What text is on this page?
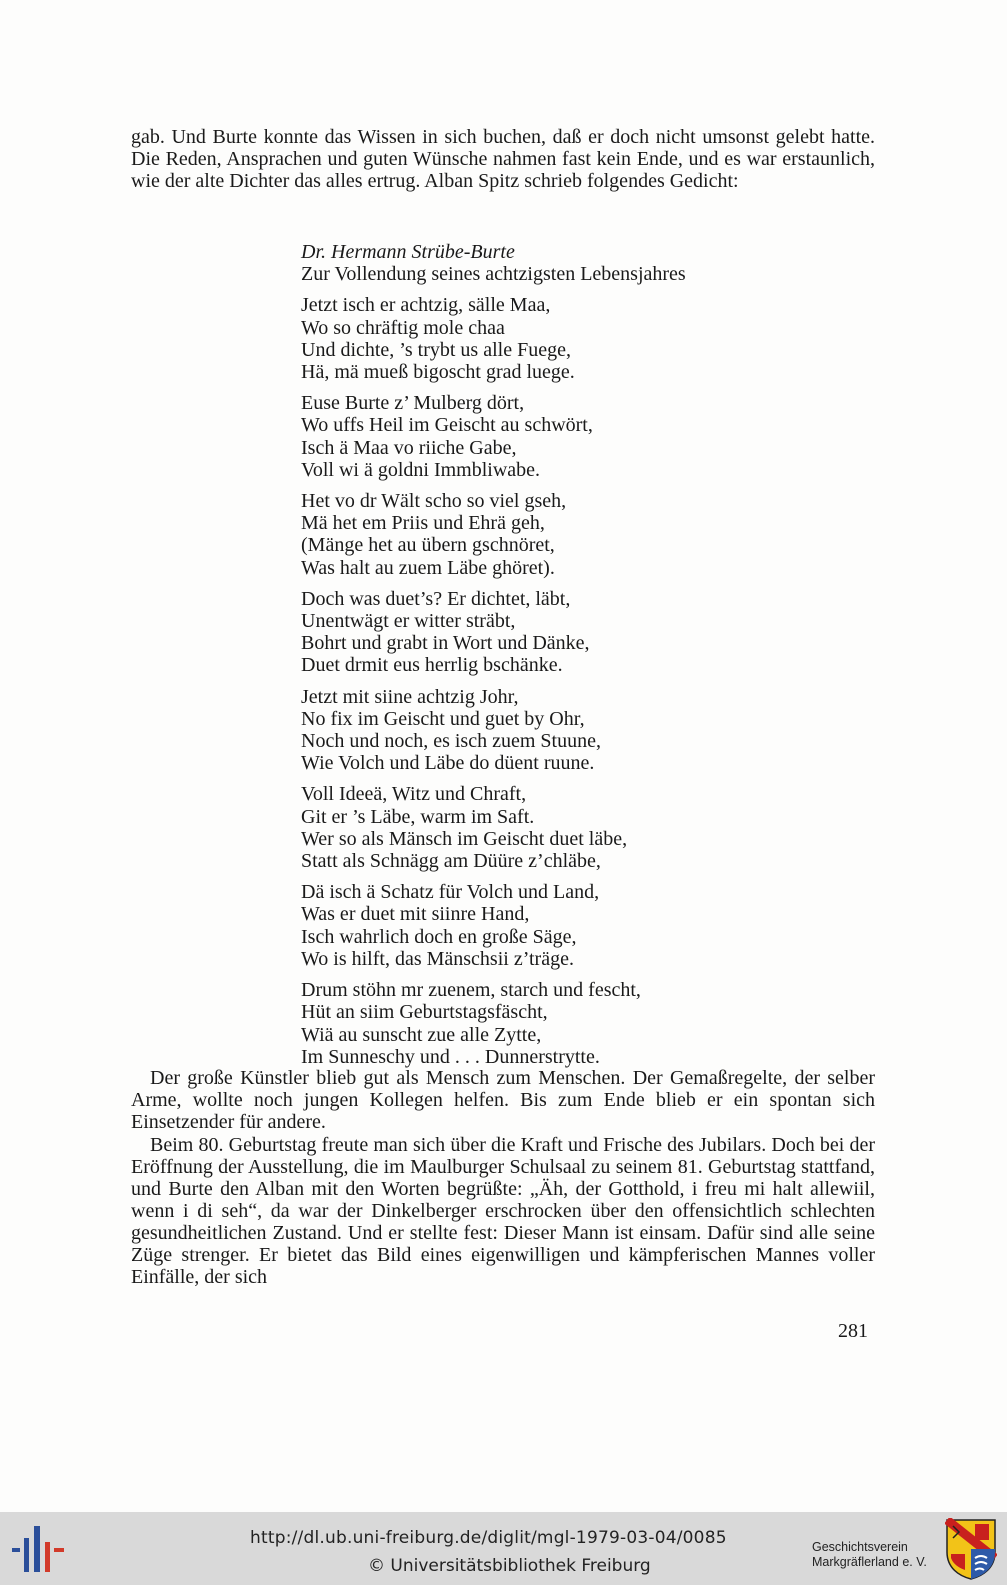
gab. Und Burte konnte das Wissen in sich buchen, daß er doch nicht umsonst gelebt hatte. Die Reden, Ansprachen und guten Wünsche nahmen fast kein Ende, und es war erstaunlich, wie der alte Dichter das alles ertrug. Alban Spitz schrieb folgendes Gedicht:

Dr. Hermann Strübe-Burte

Zur Vollendung seines achtzigsten Lebensjahres

Jetzt isch er achtzig, sälle Maa,
Wo so chräftig mole chaa
Und dichte, ’s trybt us alle Fuege,
Hä, mä mueß bigoscht grad luege.
Euse Burte z’ Mulberg dört,
Wo uffs Heil im Geischt au schwört,
Isch ä Maa vo riiche Gabe,
Voll wi ä goldni Immbliwabe.
Het vo dr Wält scho so viel gseh,
Mä het em Priis und Ehrä geh,
(Mänge het au übern gschnöret,
Was halt au zuem Läbe ghöret).
Doch was duet’s? Er dichtet, läbt,
Unentwägt er witter sträbt,
Bohrt und grabt in Wort und Dänke,
Duet drmit eus herrlig bschänke.
Jetzt mit siine achtzig Johr,
No fix im Geischt und guet by Ohr,
Noch und noch, es isch zuem Stuune,
Wie Volch und Läbe do düent ruune.
Voll Ideeä, Witz und Chraft,
Git er ’s Läbe, warm im Saft.
Wer so als Mänsch im Geischt duet läbe,
Statt als Schnägg am Düüre z’chläbe,
Dä isch ä Schatz für Volch und Land,
Was er duet mit siinre Hand,
Isch wahrlich doch en große Säge,
Wo is hilft, das Mänschsii z’träge.
Drum stöhn mr zuenem, starch und fescht,
Hüt an siim Geburtstagsfäscht,
Wiä au sunscht zue alle Zytte,
Im Sunneschy und . . . Dunnerstrytte.

Der große Künstler blieb gut als Mensch zum Menschen. Der Gemaßregelte, der selber Arme, wollte noch jungen Kollegen helfen. Bis zum Ende blieb er ein spontan sich Einsetzender für andere.

Beim 80. Geburtstag freute man sich über die Kraft und Frische des Jubilars. Doch bei der Eröffnung der Ausstellung, die im Maulburger Schulsaal zu seinem 81. Geburtstag stattfand, und Burte den Alban mit den Worten begrüßte: „Äh, der Gotthold, i freu mi halt allewiil, wenn i di seh“, da war der Dinkelberger erschrocken über den offensichtlich schlechten gesundheitlichen Zustand. Und er stellte fest: Dieser Mann ist einsam. Dafür sind alle seine Züge strenger. Er bietet das Bild eines eigenwilligen und kämpferischen Mannes voller Einfälle, der sich

281
http://dl.ub.uni-freiburg.de/diglit/mgl-1979-03-04/0085
© Universitätsbibliothek Freiburg
Geschichtsverein
Markgräflerland e. V.
